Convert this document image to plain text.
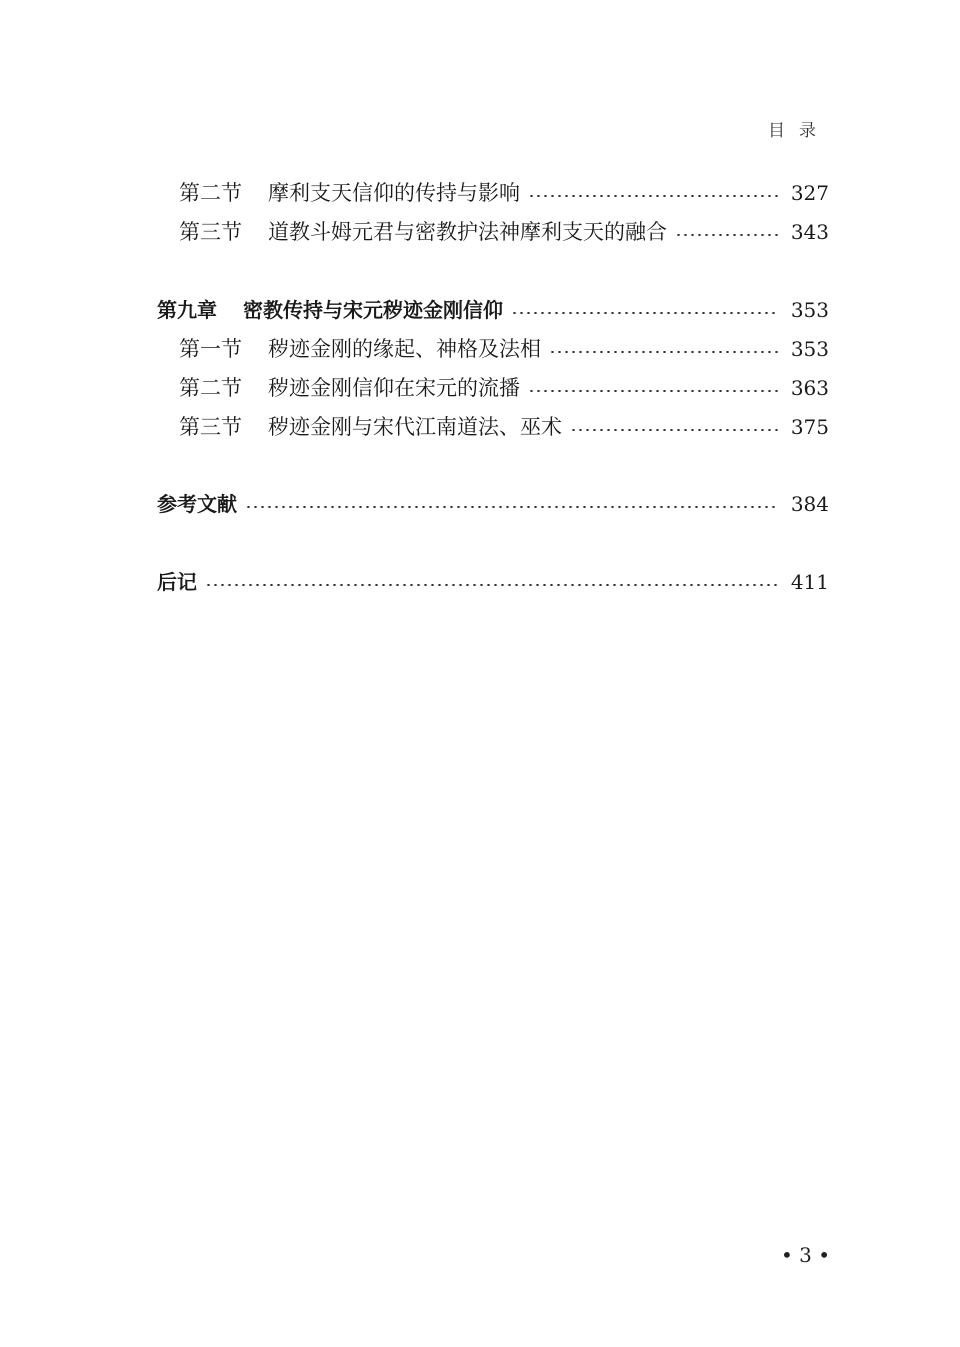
目录
第二节 摩利支天信仰的传持与影响	327
第三节 道教斗姆元君与密教护法神摩利支天的融合	343
第九章 密教传持与宋元秽迹金刚信仰	353
第一节 秽迹金刚的缘起、神格及法相	353
第二节 秽迹金刚信仰在宋元的流播	363
第三节 秽迹金刚与宋代江南道法、巫术	375
参考文献	384
后记	411
• 3 •
